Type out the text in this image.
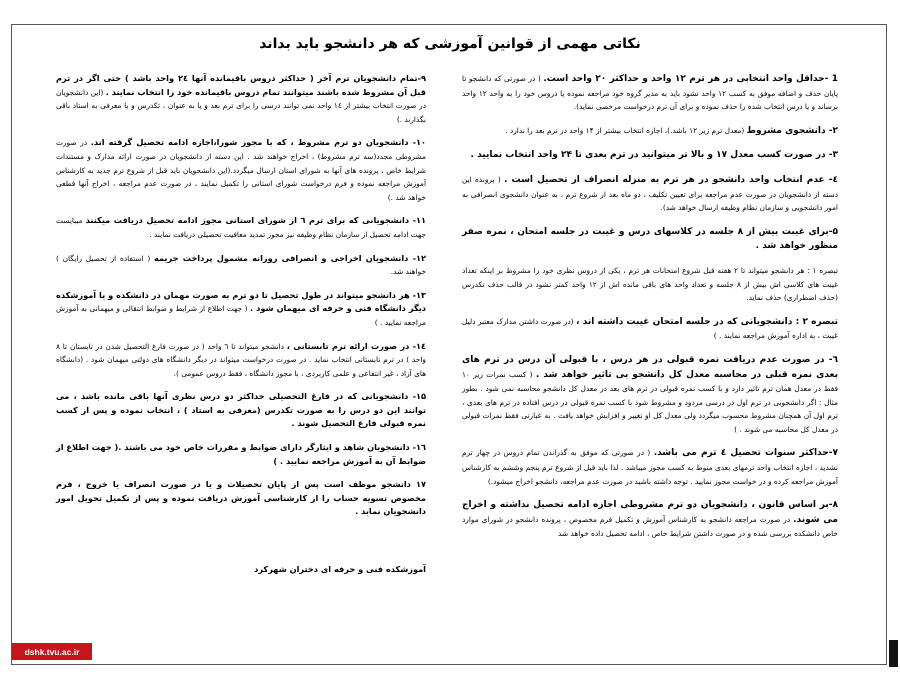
نکاتی مهمی از قوانین آموزشی که هر دانشجو باید بداند
1 -حداقل واحد انتخابی در هر ترم ۱۲ واحد و حداکثر ۲۰ واحد است. ( در صورتی که دانشجو تا پایان حذف و اضافه موفق به کسب ۱۲ واحد نشود باید به مدیر گروه خود مراجعه نموده یا دروس خود را به واحد ۱۲ واحد برساند و یا درس انتخاب شده را حذف نموده و برای آن ترم درخواست مرخصی نماید).
۲- دانشجوی مشروط (معدل ترم زیر ۱۲ باشد.)، اجازه انتخاب بیشتر از ۱۴ واحد در ترم بعد را ندارد .
۳- در صورت کسب معدل ۱۷ و بالا تر میتوانید در ترم بعدی تا ۲۴ واحد انتخاب نمایید .
٤- عدم انتخاب واحد دانشجو در هر ترم به منزله انصراف از تحصیل است . ( پرونده این دسته از دانشجویان در صورت عدم مراجعه برای تعیین تکلیف ، دو ماه بعد از شروع ترم ، به عنوان دانشجوی انصرافی به امور دانشجویی و سازمان نظام وظیفه ارسال خواهد شد).
۵-برای غیبت بیش از ۸ جلسه در کلاسهای درس و غیبت در جلسه امتحان ، نمره صفر منظور خواهد شد .
تبصره ۱ : هر دانشجو میتواند تا ۲ هفته قبل شروع امتحانات هر ترم ، یکی از دروس نظری خود را مشروط بر اینکه تعداد غیبت های کلاسی اش بیش از ۸ جلسه و تعداد واحد های باقی مانده اش از ۱۲ واحد کمتر نشود در قالب حذف تکدرس (حذف اضطراری) حذف نماید.
تبصره ۲ : دانشجویانی که در جلسه امتحان غیبت داشته اند ، (در صورت داشتن مدارک معتبر دلیل غیبت ، به اداره آموزش مراجعه نمایند . )
٦- در صورت عدم دریافت نمره قبولی در هر درس ، با قبولی آن درس در ترم های بعدی نمره قبلی در محاسبه معدل کل دانشجو بی تاثیر خواهد شد . ( کسب نمرات زیر ۱۰ فقط در معدل همان ترم تاثیر دارد و با کسب نمره قبولی در ترم های بعد در معدل کل دانشجو محاسبه نمی شود . بطور مثال : اگر دانشجویی در ترم اول در درسی مردود و مشروط شود با کسب نمره قبولی در درس افتاده در ترم های بعدی ، ترم اول آن همچنان مشروط محسوب میگردد ولی معدل کل او تغییر و افزایش خواهد یافت . به عبارتی فقط نمرات قبولی در معدل کل محاسبه می شوند . )
۷-حداکثر سنوات تحصیل ٤ ترم می باشد. ( در صورتی که موفق به گذراندن تمام دروس در چهار ترم نشدید ، اجازه انتخاب واحد ترمهای بعدی منوط به کسب مجوز میباشد . لذا باید قبل از شروع ترم پنجم وششم به کارشناس آموزش مراجعه کرده و در خواست مجوز نمایید . توجه داشته باشید در صورت عدم مراجعه، دانشجو اخراج میشود.)
۸-بر اساس قانون ، دانشجویان دو ترم مشروطی اجازه ادامه تحصیل نداشته و اخراج می شوند. در صورت مراجعه دانشجو به کارشناس آموزش و تکمیل فرم مخصوص ، پرونده دانشجو در شورای موارد خاص دانشکده بررسی شده و در صورت داشتن شرایط خاص ، ادامه تحصیل داده خواهد شد
۹-تمام دانشجویان ترم آخر ( حداکثر دروس باقیمانده آنها ۲٤ واحد باشد ) حتی اگر در ترم قبل آن مشروط شده باشند میتوانند تمام دروس باقیمانده خود را انتخاب نمایند . (این دانشجویان در صورت انتخاب بیشتر از ۱٤ واحد نمی توانند درسی را برای ترم بعد و یا به عنوان ، تکدرس و یا معرفی به استاد باقی بگذارند .)
۱۰- دانشجویان دو ترم مشروط ، که با مجوز شورا،اجازه ادامه تحصیل گرفته اند. در صورت مشروطی مجدد(سه ترم مشروط) ، اخراج خواهند شد . این دسته از دانشجویان در صورت ارائه مدارک و مستندات شرایط خاص ، پرونده های آنها به شورای استان ارسال میگردد.(این دانشجویان باید قبل از شروع ترم جدید به کارشناس آموزش مراجعه نموده و فرم درخواست شورای استانی را تکمیل نمایند ، در صورت عدم مراجعه ، اخراج آنها قطعی خواهد شد .)
۱۱- دانشجویانی که برای ترم ٦ از شورای استانی مجوز ادامه تحصیل دریافت میکنند میبایست جهت ادامه تحصیل از سازمان نظام وظیفه نیز مجوز تمدید معافیت تحصیلی دریافت نمایند .
۱۲- دانشجویان اخراجی و انصرافی روزانه مشمول پرداخت جریمه ( استفاده از تحصیل رایگان ) خواهند شد.
۱۳- هر دانشجو میتواند در طول تحصیل تا دو ترم به صورت مهمان در دانشکده و یا آموزشکده دیگر دانشگاه فنی و حرفه ای میهمان شود . ( جهت اطلاع از شرایط و ضوابط انتقالی و میهمانی به آموزش مراجعه نمایید . )
۱٤- در صورت ارائه ترم تابستانی ، دانشجو میتواند تا ٦ واحد ( در صورت فارغ التحصیل شدن در تابستان تا ۸ واحد ) در ترم تابستانی انتخاب نماید . در صورت درخواست میتواند در دیگر دانشگاه های دولتی میهمان شود . (دانشگاه های آزاد ، غیر انتفاعی و علمی کاربردی ، با مجوز دانشگاه ، فقط دروس عمومی ).
۱۵- دانشجویانی که در فارغ التحصیلی حداکثر دو درس نظری آنها باقی مانده باشد ، می توانند این دو درس را به صورت تکدرس (معرفی به استاد ) ، انتخاب نموده و پس از کسب نمره قبولی فارغ التحصیل شوند .
۱٦- دانشجویان شاهد و ایثارگر دارای ضوابط و مقررات خاص خود می باشند .( جهت اطلاع از ضوابط آن به آموزش مراجعه نمایید . )
۱۷ دانشجو موظف است پس از پایان تحصیلات و یا در صورت انصراف یا خروج ، فرم مخصوص تسویه حساب را از کارشناسی آموزش دریافت نموده و پس از تکمیل تحویل امور دانشجویان نماید .
آموزشکده فنی و حرفه ای دختران شهرکرد
dshk.tvu.ac.ir
